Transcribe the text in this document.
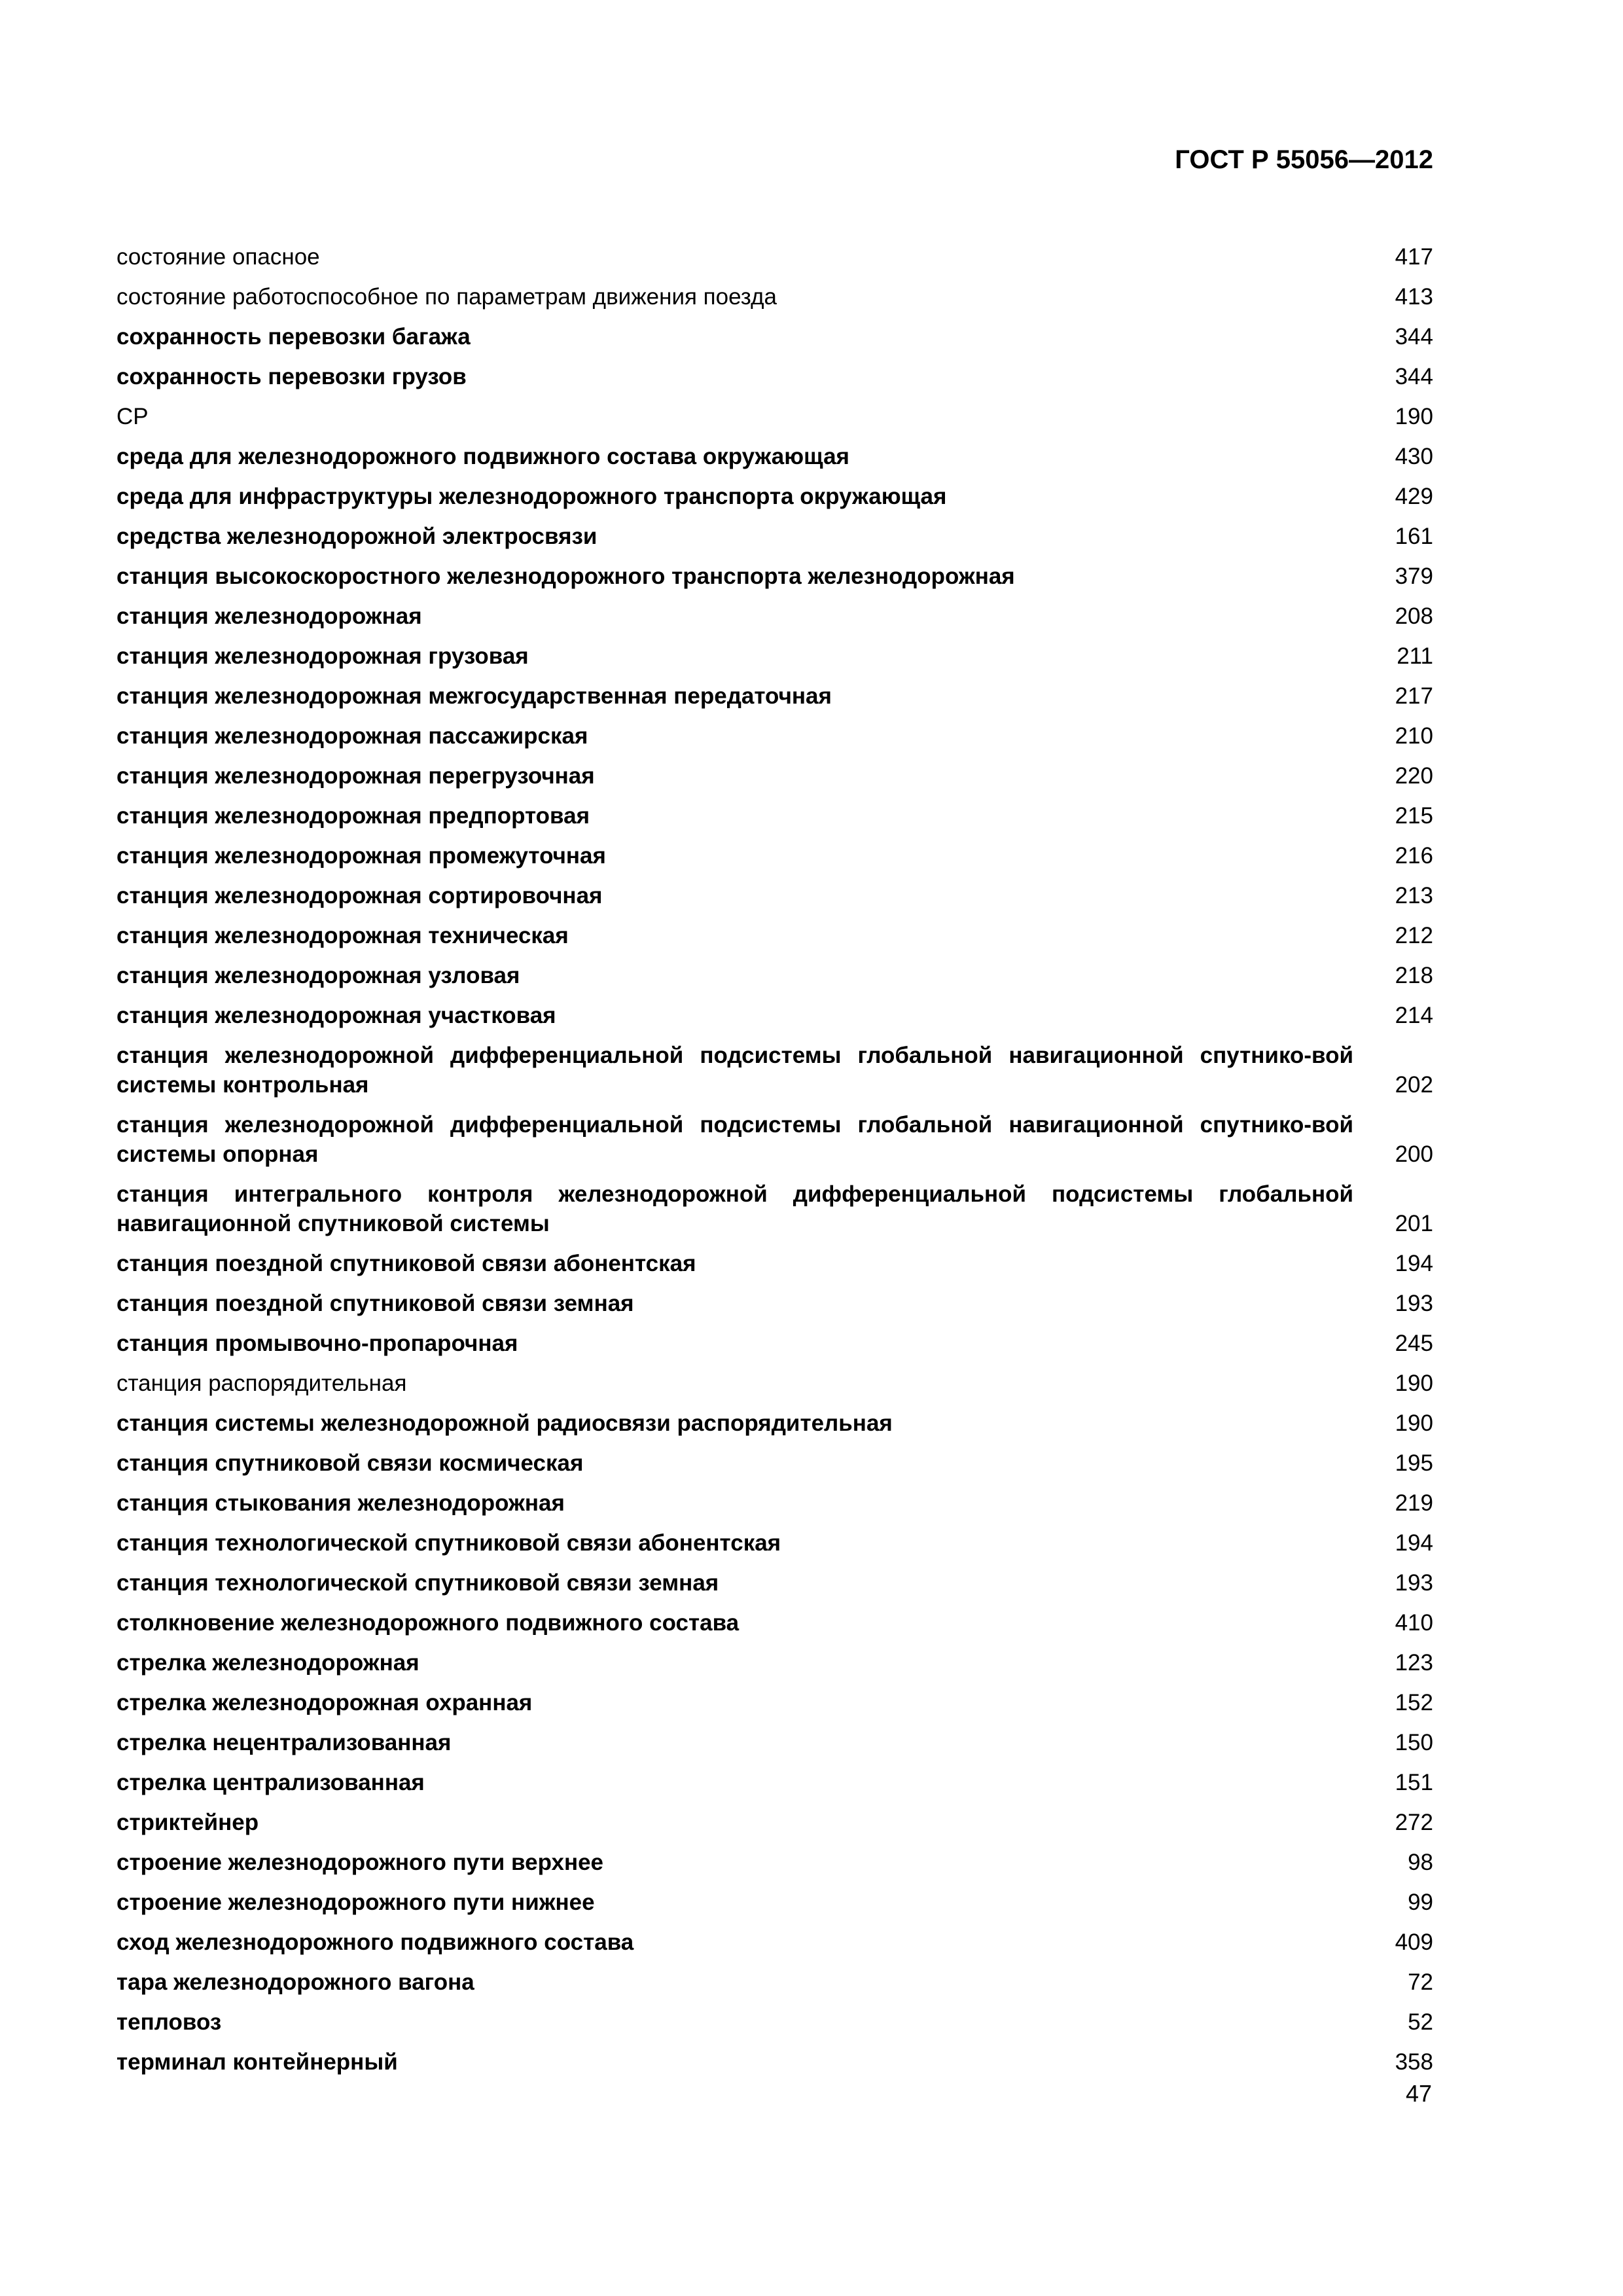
ГОСТ Р 55056—2012
состояние опасное	417
состояние работоспособное по параметрам движения поезда	413
сохранность перевозки багажа	344
сохранность перевозки грузов	344
СР	190
среда для железнодорожного подвижного состава окружающая	430
среда для инфраструктуры железнодорожного транспорта окружающая	429
средства железнодорожной электросвязи	161
станция высокоскоростного железнодорожного транспорта железнодорожная	379
станция железнодорожная	208
станция железнодорожная грузовая	211
станция железнодорожная межгосударственная передаточная	217
станция железнодорожная пассажирская	210
станция железнодорожная перегрузочная	220
станция железнодорожная предпортовая	215
станция железнодорожная промежуточная	216
станция железнодорожная сортировочная	213
станция железнодорожная техническая	212
станция железнодорожная узловая	218
станция железнодорожная участковая	214
станция железнодорожной дифференциальной подсистемы глобальной навигационной спутнико-вой системы контрольная	202
станция железнодорожной дифференциальной подсистемы глобальной навигационной спутнико-вой системы опорная	200
станция интегрального контроля железнодорожной дифференциальной подсистемы глобальной навигационной спутниковой системы	201
станция поездной спутниковой связи абонентская	194
станция поездной спутниковой связи земная	193
станция промывочно-пропарочная	245
станция распорядительная	190
станция системы железнодорожной радиосвязи распорядительная	190
станция спутниковой связи космическая	195
станция стыкования железнодорожная	219
станция технологической спутниковой связи абонентская	194
станция технологической спутниковой связи земная	193
столкновение железнодорожного подвижного состава	410
стрелка железнодорожная	123
стрелка железнодорожная охранная	152
стрелка нецентрализованная	150
стрелка централизованная	151
стриктейнер	272
строение железнодорожного пути верхнее	98
строение железнодорожного пути нижнее	99
сход железнодорожного подвижного состава	409
тара железнодорожного вагона	72
тепловоз	52
терминал контейнерный	358
47
